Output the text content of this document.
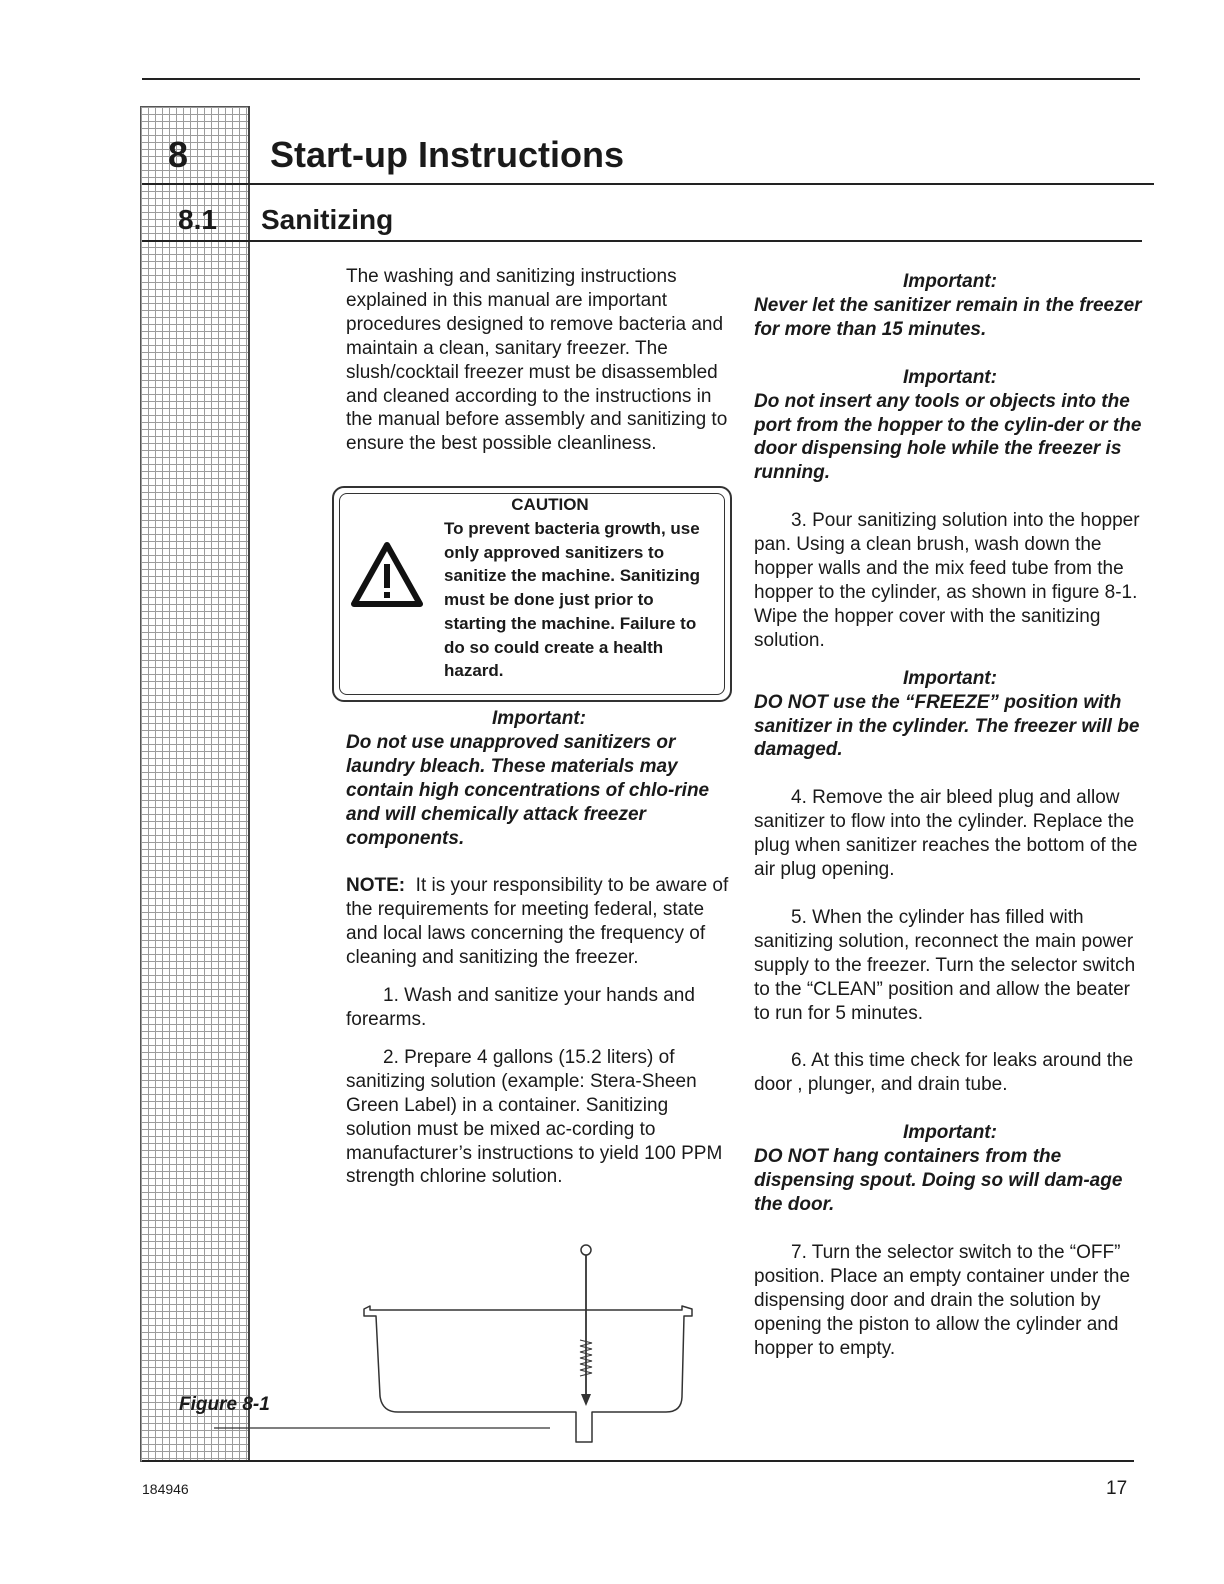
8 Start-up Instructions
8.1 Sanitizing

The washing and sanitizing instructions explained in this manual are important procedures designed to remove bacteria and maintain a clean, sanitary freezer. The slush/cocktail freezer must be disassembled and cleaned according to the instructions in the manual before assembly and sanitizing to ensure the best possible cleanliness.

CAUTION
To prevent bacteria growth, use only approved sanitizers to sanitize the machine. Sanitizing must be done just prior to starting the machine. Failure to do so could create a health hazard.

Important:

Do not use unapproved sanitizers or laundry bleach. These materials may contain high concentrations of chlo-rine and will chemically attack freezer components.

NOTE: It is your responsibility to be aware of the requirements for meeting federal, state and local laws concerning the frequency of cleaning and sanitizing the freezer.

1. Wash and sanitize your hands and forearms.

2. Prepare 4 gallons (15.2 liters) of sanitizing solution (example: Stera-Sheen Green Label) in a container. Sanitizing solution must be mixed ac-cording to manufacturer’s instructions to yield 100 PPM strength chlorine solution.

Important:

Never let the sanitizer remain in the freezer for more than 15 minutes.

Important:

Do not insert any tools or objects into the port from the hopper to the cylin-der or the door dispensing hole while the freezer is running.

3. Pour sanitizing solution into the hopper pan. Using a clean brush, wash down the hopper walls and the mix feed tube from the hopper to the cylinder, as shown in figure 8-1. Wipe the hopper cover with the sanitizing solution.

Important:

DO NOT use the “FREEZE” position with sanitizer in the cylinder. The freezer will be damaged.

4. Remove the air bleed plug and allow sanitizer to flow into the cylinder. Replace the plug when sanitizer reaches the bottom of the air plug opening.

5. When the cylinder has filled with sanitizing solution, reconnect the main power supply to the freezer. Turn the selector switch to the “CLEAN” position and allow the beater to run for 5 minutes.

6. At this time check for leaks around the door , plunger, and drain tube.

Important:

DO NOT hang containers from the dispensing spout. Doing so will dam-age the door.

7. Turn the selector switch to the “OFF” position. Place an empty container under the dispensing door and drain the solution by opening the piston to allow the cylinder and hopper to empty.

Figure 8-1
184946	17
